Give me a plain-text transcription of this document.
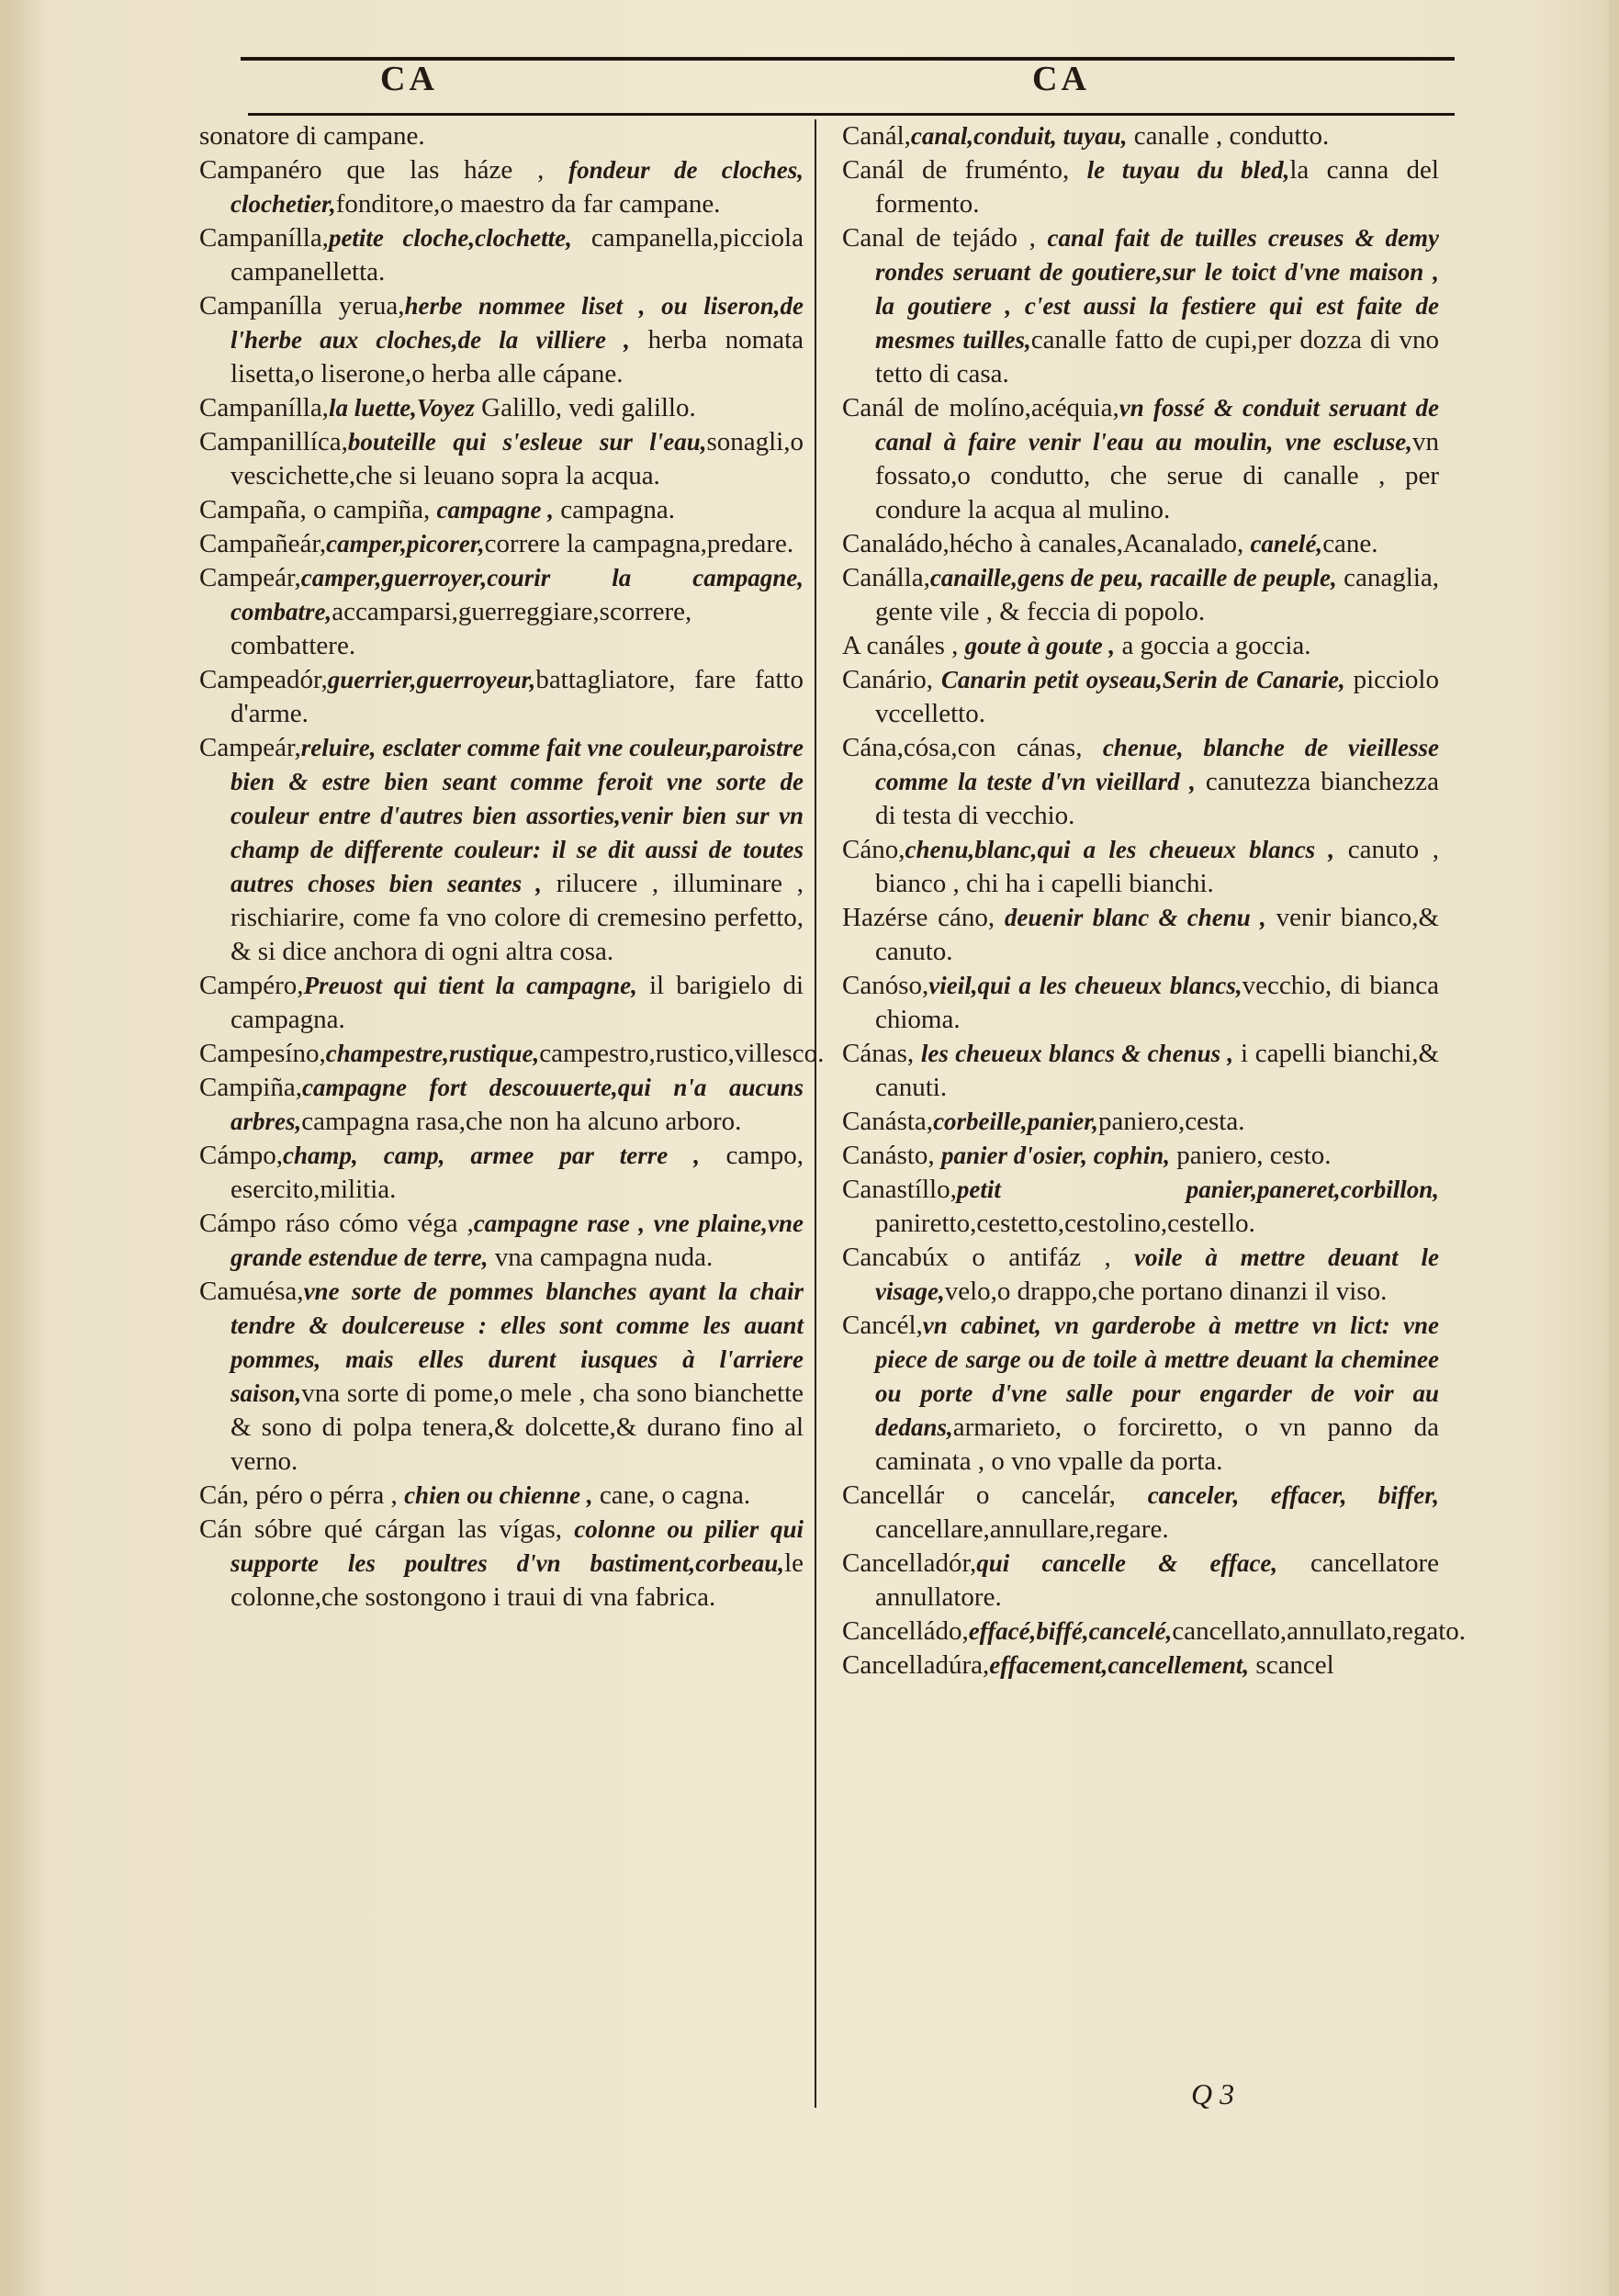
CA	CA

sonatore di campane.

Campanéro que las háze , fondeur de cloches, clochetier,fonditore,o maestro da far campane.

Campanílla,petite cloche,clochette, campanella,picciola campanelletta.

Campanílla yerua,herbe nommee liset , ou liseron,de l'herbe aux cloches,de la villiere , herba nomata lisetta,o liserone,o herba alle cápane.

Campanílla,la luette,Voyez Galillo, vedi galillo.

Campanillíca,bouteille qui s'esleue sur l'eau,sonagli,o vescichette,che si leuano sopra la acqua.

Campaña, o campiña, campagne , campagna.

Campañeár,camper,picorer,correre la campagna,predare.

Campeár,camper,guerroyer,courir la campagne, combatre,accamparsi,guerreggiare,scorrere, combattere.

Campeadór,guerrier,guerroyeur,battagliatore, fare fatto d'arme.

Campeár,reluire, esclater comme fait vne couleur,paroistre bien & estre bien seant comme feroit vne sorte de couleur entre d'autres bien assorties,venir bien sur vn champ de differente couleur: il se dit aussi de toutes autres choses bien seantes , rilucere , illuminare , rischiarire, come fa vno colore di cremesino perfetto, & si dice anchora di ogni altra cosa.

Campéro,Preuost qui tient la campagne, il barigielo di campagna.

Campesíno,champestre,rustique,campestro,rustico,villesco.

Campiña,campagne fort descouuerte,qui n'a aucuns arbres,campagna rasa,che non ha alcuno arboro.

Cámpo,champ, camp, armee par terre , campo, esercito,militia.

Cámpo ráso cómo véga ,campagne rase , vne plaine,vne grande estendue de terre, vna campagna nuda.

Camuésa,vne sorte de pommes blanches ayant la chair tendre & doulcereuse : elles sont comme les auant pommes, mais elles durent iusques à l'arriere saison,vna sorte di pome,o mele , cha sono bianchette & sono di polpa tenera,& dolcette,& durano fino al verno.

Cán, péro o pérra , chien ou chienne , cane, o cagna.

Cán sóbre qué cárgan las vígas, colonne ou pilier qui supporte les poultres d'vn bastiment,corbeau,le colonne,che sostongono i traui di vna fabrica.

Canál,canal,conduit, tuyau, canalle , condutto.

Canál de fruménto, le tuyau du bled,la canna del formento.

Canal de tejádo , canal fait de tuilles creuses & demy rondes seruant de goutiere,sur le toict d'vne maison , la goutiere , c'est aussi la festiere qui est faite de mesmes tuilles,canalle fatto de cupi,per dozza di vno tetto di casa.

Canál de molíno,acéquia,vn fossé & conduit seruant de canal à faire venir l'eau au moulin, vne escluse,vn fossato,o condutto, che serue di canalle , per condure la acqua al mulino.

Canaládo,hécho à canales,Acanalado, canelé,cane.

Canálla,canaille,gens de peu, racaille de peuple, canaglia, gente vile , & feccia di popolo.

A canáles , goute à goute , a goccia a goccia.

Canário, Canarin petit oyseau,Serin de Canarie, picciolo vccelletto.

Cána,cósa,con cánas, chenue, blanche de vieillesse comme la teste d'vn vieillard , canutezza bianchezza di testa di vecchio.

Cáno,chenu,blanc,qui a les cheueux blancs , canuto , bianco , chi ha i capelli bianchi.

Hazérse cáno, deuenir blanc & chenu , venir bianco,& canuto.

Canóso,vieil,qui a les cheueux blancs,vecchio, di bianca chioma.

Cánas, les cheueux blancs & chenus , i capelli bianchi,& canuti.

Canásta,corbeille,panier,paniero,cesta.

Canásto, panier d'osier, cophin, paniero, cesto.

Canastíllo,petit panier,paneret,corbillon, paniretto,cestetto,cestolino,cestello.

Cancabúx o antifáz , voile à mettre deuant le visage,velo,o drappo,che portano dinanzi il viso.

Cancél,vn cabinet, vn garderobe à mettre vn lict: vne piece de sarge ou de toile à mettre deuant la cheminee ou porte d'vne salle pour engarder de voir au dedans,armarieto, o forciretto, o vn panno da caminata , o vno vpalle da porta.

Cancellár o cancelár, canceler, effacer, biffer, cancellare,annullare,regare.

Cancelladór,qui cancelle & efface, cancellatore annullatore.

Cancelládo,effacé,biffé,cancelé,cancellato,annullato,regato.

Cancelladúra,effacement,cancellement, scancel

Q 3
